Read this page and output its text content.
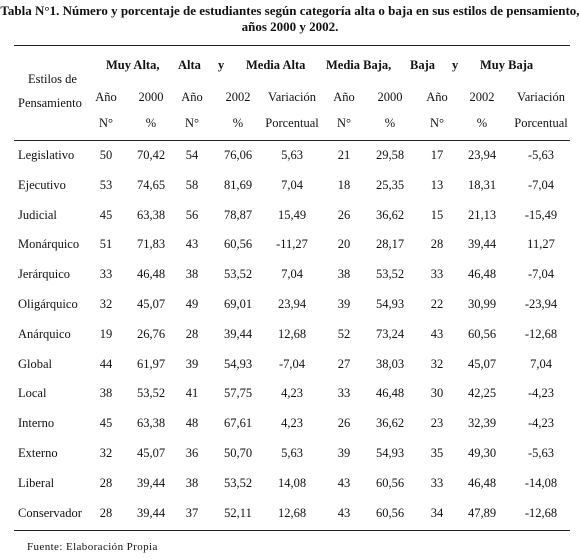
Tabla N°1. Número y porcentaje de estudiantes según categoría alta o baja en sus estilos de pensamiento,
años 2000 y 2002.
Muy Alta, Alta y Media Alta Media Baja, Baja y Muy Baja
Estilos de
Pensamiento	Año	2000	Año	2002	Variación	Año	2000	Año	2002	Variación
N°	%	N°	%	Porcentual	N°	%	N°	%	Porcentual
Legislativo	50	70,42	54	76,06	5,63	21	29,58	17	23,94	-5,63
Ejecutivo	53	74,65	58	81,69	7,04	18	25,35	13	18,31	-7,04
Judicial	45	63,38	56	78,87	15,49	26	36,62	15	21,13	-15,49
Monárquico	51	71,83	43	60,56	-11,27	20	28,17	28	39,44	11,27
Jerárquico	33	46,48	38	53,52	7,04	38	53,52	33	46,48	-7,04
Oligárquico	32	45,07	49	69,01	23,94	39	54,93	22	30,99	-23,94
Anárquico	19	26,76	28	39,44	12,68	52	73,24	43	60,56	-12,68
Global	44	61,97	39	54,93	-7,04	27	38,03	32	45,07	7,04
Local	38	53,52	41	57,75	4,23	33	46,48	30	42,25	-4,23
Interno	45	63,38	48	67,61	4,23	26	36,62	23	32,39	-4,23
Externo	32	45,07	36	50,70	5,63	39	54,93	35	49,30	-5,63
Liberal	28	39,44	38	53,52	14,08	43	60,56	33	46,48	-14,08
Conservador	28	39,44	37	52,11	12,68	43	60,56	34	47,89	-12,68
Fuente: Elaboración Propia
